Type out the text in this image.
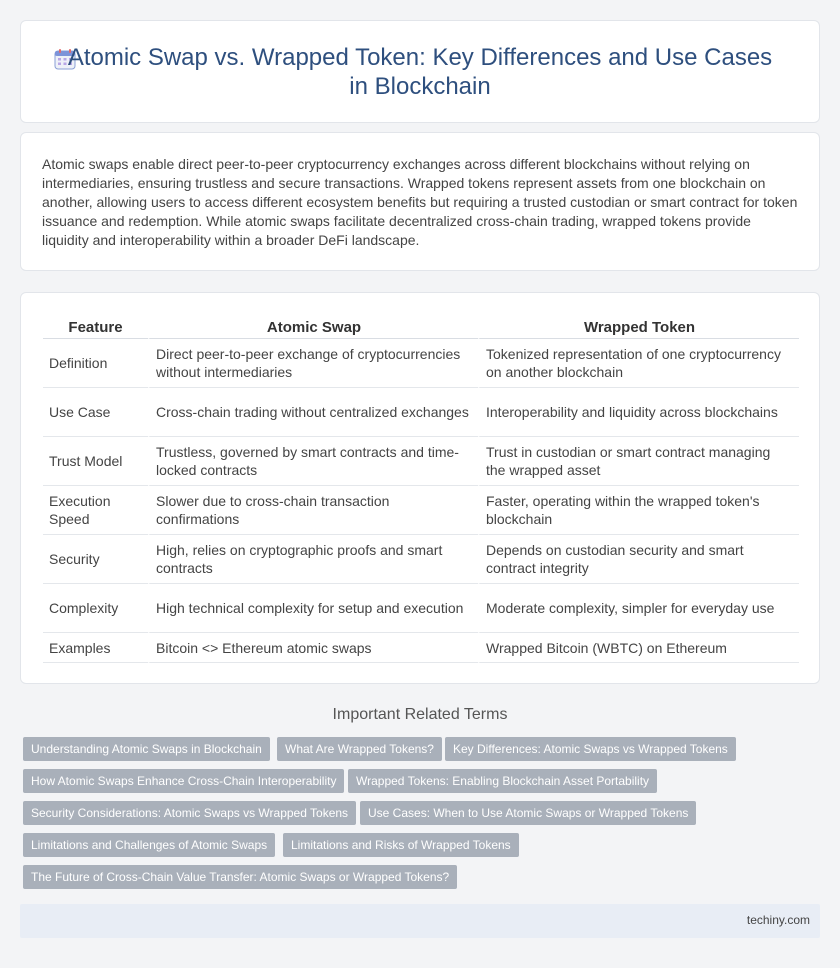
Atomic Swap vs. Wrapped Token: Key Differences and Use Cases in Blockchain

Atomic swaps enable direct peer-to-peer cryptocurrency exchanges across different blockchains without relying on intermediaries, ensuring trustless and secure transactions. Wrapped tokens represent assets from one blockchain on another, allowing users to access different ecosystem benefits but requiring a trusted custodian or smart contract for token issuance and redemption. While atomic swaps facilitate decentralized cross-chain trading, wrapped tokens provide liquidity and interoperability within a broader DeFi landscape.

Feature	Atomic Swap	Wrapped Token
Definition	Direct peer-to-peer exchange of cryptocurrencies without intermediaries	Tokenized representation of one cryptocurrency on another blockchain
Use Case	Cross-chain trading without centralized exchanges	Interoperability and liquidity across blockchains
Trust Model	Trustless, governed by smart contracts and time-locked contracts	Trust in custodian or smart contract managing the wrapped asset
Execution Speed	Slower due to cross-chain transaction confirmations	Faster, operating within the wrapped token's blockchain
Security	High, relies on cryptographic proofs and smart contracts	Depends on custodian security and smart contract integrity
Complexity	High technical complexity for setup and execution	Moderate complexity, simpler for everyday use
Examples	Bitcoin <> Ethereum atomic swaps	Wrapped Bitcoin (WBTC) on Ethereum
Important Related Terms
Understanding Atomic Swaps in Blockchain	What Are Wrapped Tokens?	Key Differences: Atomic Swaps vs Wrapped Tokens
How Atomic Swaps Enhance Cross-Chain Interoperability	Wrapped Tokens: Enabling Blockchain Asset Portability
Security Considerations: Atomic Swaps vs Wrapped Tokens	Use Cases: When to Use Atomic Swaps or Wrapped Tokens
Limitations and Challenges of Atomic Swaps	Limitations and Risks of Wrapped Tokens
The Future of Cross-Chain Value Transfer: Atomic Swaps or Wrapped Tokens?
techiny.com
